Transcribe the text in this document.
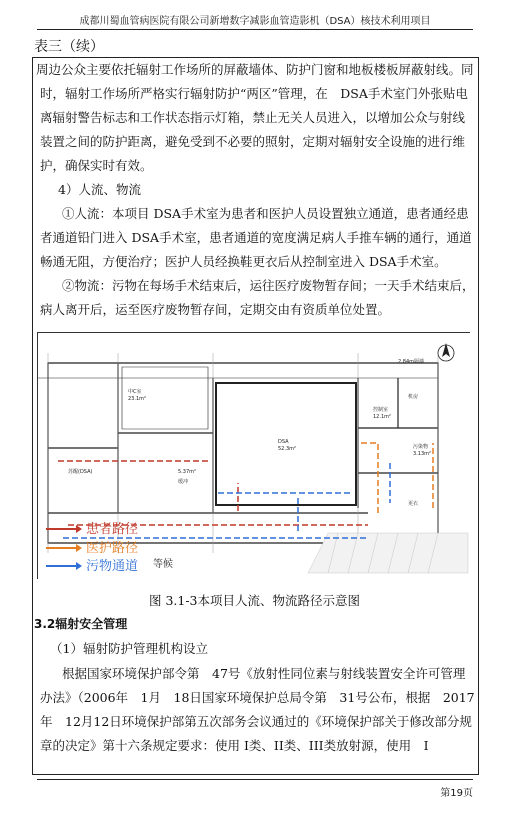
成都川蜀血管病医院有限公司新增数字减影血管造影机（DSA）核技术利用项目
表三（续）
周边公众主要依托辐射工作场所的屏蔽墙体、防护门窗和地板楼板屏蔽射线。同时，辐射工作场所严格实行辐射防护“两区”管理，在　DSA手术室门外张贴电离辐射警告标志和工作状态指示灯箱，禁止无关人员进入，以增加公众与射线装置之间的防护距离，避免受到不必要的照射，定期对辐射安全设施的进行维护，确保实时有效。
4）人流、物流
①人流：本项目 DSA手术室为患者和医护人员设置独立通道，患者通经患者通道铅门进入 DSA手术室，患者通道的宽度满足病人手推车辆的通行，通道畅通无阻，方便治疗；医护人员经换鞋更衣后从控制室进入 DSA手术室。
②物流：污物在每场手术结束后，运往医疗废物暂存间；一天手术结束后，病人离开后，运至医疗废物暂存间，定期交由有资质单位处置。
中C室
23.1m²
DSA
52.3m²
机房
控制室
12.1m²
污染物
3.13m²
更衣
2.84m隔墙
缓冲
苏醒(DSA)	5.37m²
患者路径
医护路径
污物通道 等候
图 3.1-3本项目人流、物流路径示意图
3.2辐射安全管理
（1）辐射防护管理机构设立
根据国家环境保护部令第　47号《放射性同位素与射线装置安全许可管理办法》（2006年　1月　18日国家环境保护总局令第　31号公布，根据　2017年　12月12日环境保护部第五次部务会议通过的《环境保护部关于修改部分规章的决定》第十六条规定要求：使用 I类、II类、III类放射源，使用　I
第19页
